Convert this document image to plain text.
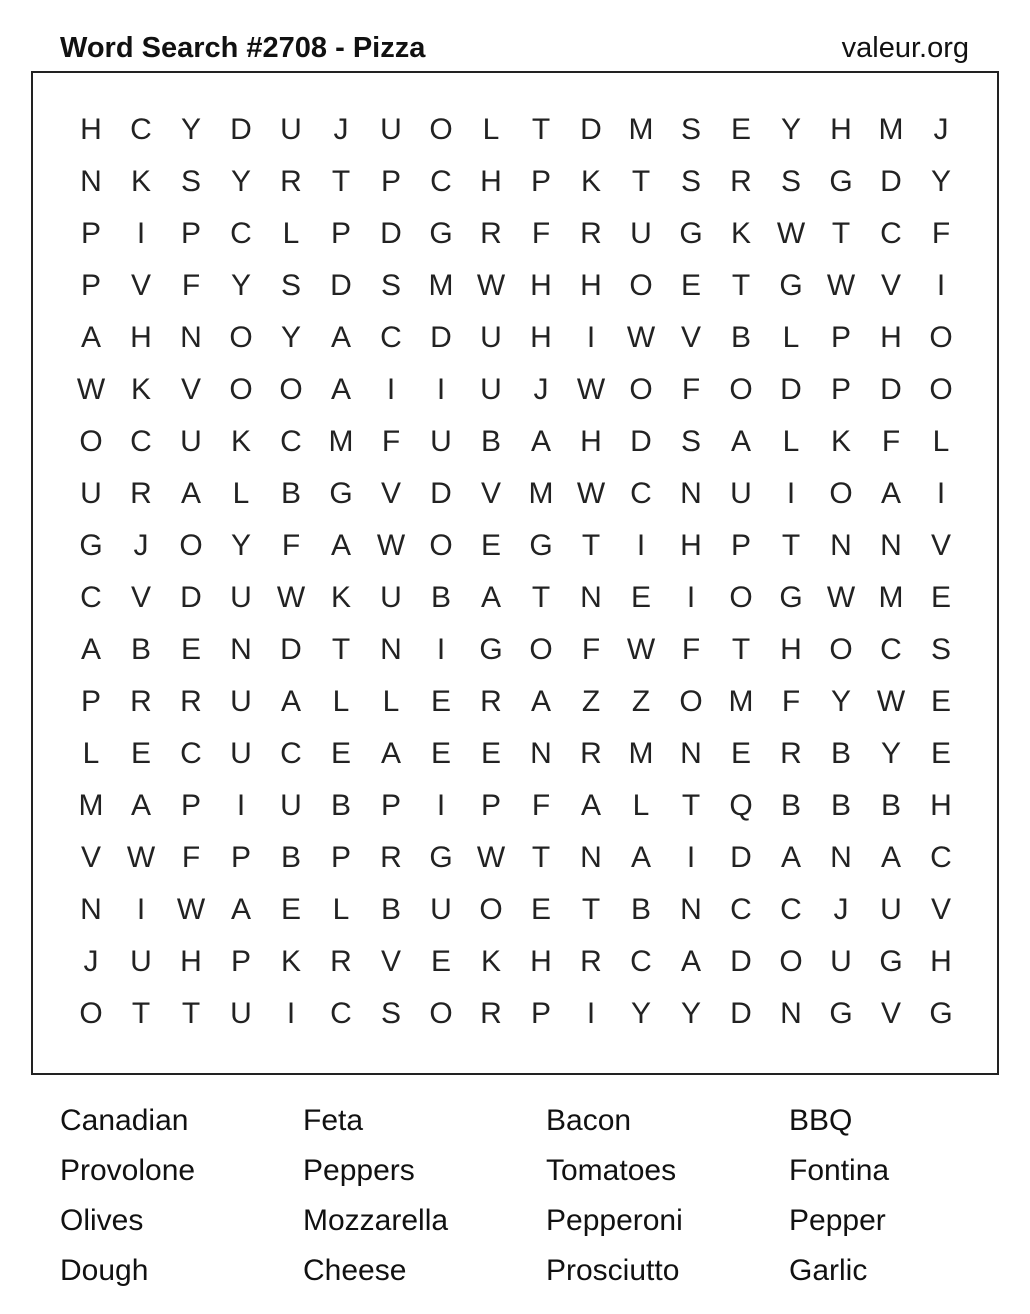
Word Search #2708 - Pizza	valeur.org
H C Y D U	J	U O L	T	D M S E Y H M	J
N K S Y R	T	P C H P K	T	S R S G D Y
P	I	P C	L	P D G R	F	R U G K W T	C	F
P V	F	Y S D S M W H H O E	T G W V	I
A H N O Y A C D U H	I	W V B	L	P H O
W K V O O A	I	I	U	J W O F O D P D O
O C U K C M F	U B A H D S A	L	K	F	L
U R A	L	B G V D V M W C N U	I	O A	I
G	J	O Y	F	A W O E G T	I	H P	T	N N V
C V D U W K U B A	T	N E	I	O G W M E
A B E N D	T	N	I	G O F W F	T	H O C S
P R R U A	L	L	E R A	Z	Z O M F	Y W E
L	E C U C E A E E N R M N E R B Y E
M A P	I	U B P	I	P	F	A	L	T Q B B B H
V W F	P B P R G W T	N A	I	D A N A C
N	I	W A E	L	B U O E	T	B N C C	J	U V
J	U H P K R V E K H R C A D O U G H
O T	T	U	I	C S O R P	I	Y Y D N G V G
Canadian	Feta	Bacon	BBQ
Provolone	Peppers	Tomatoes	Fontina
Olives	Mozzarella	Pepperoni	Pepper
Dough	Cheese	Prosciutto	Garlic
